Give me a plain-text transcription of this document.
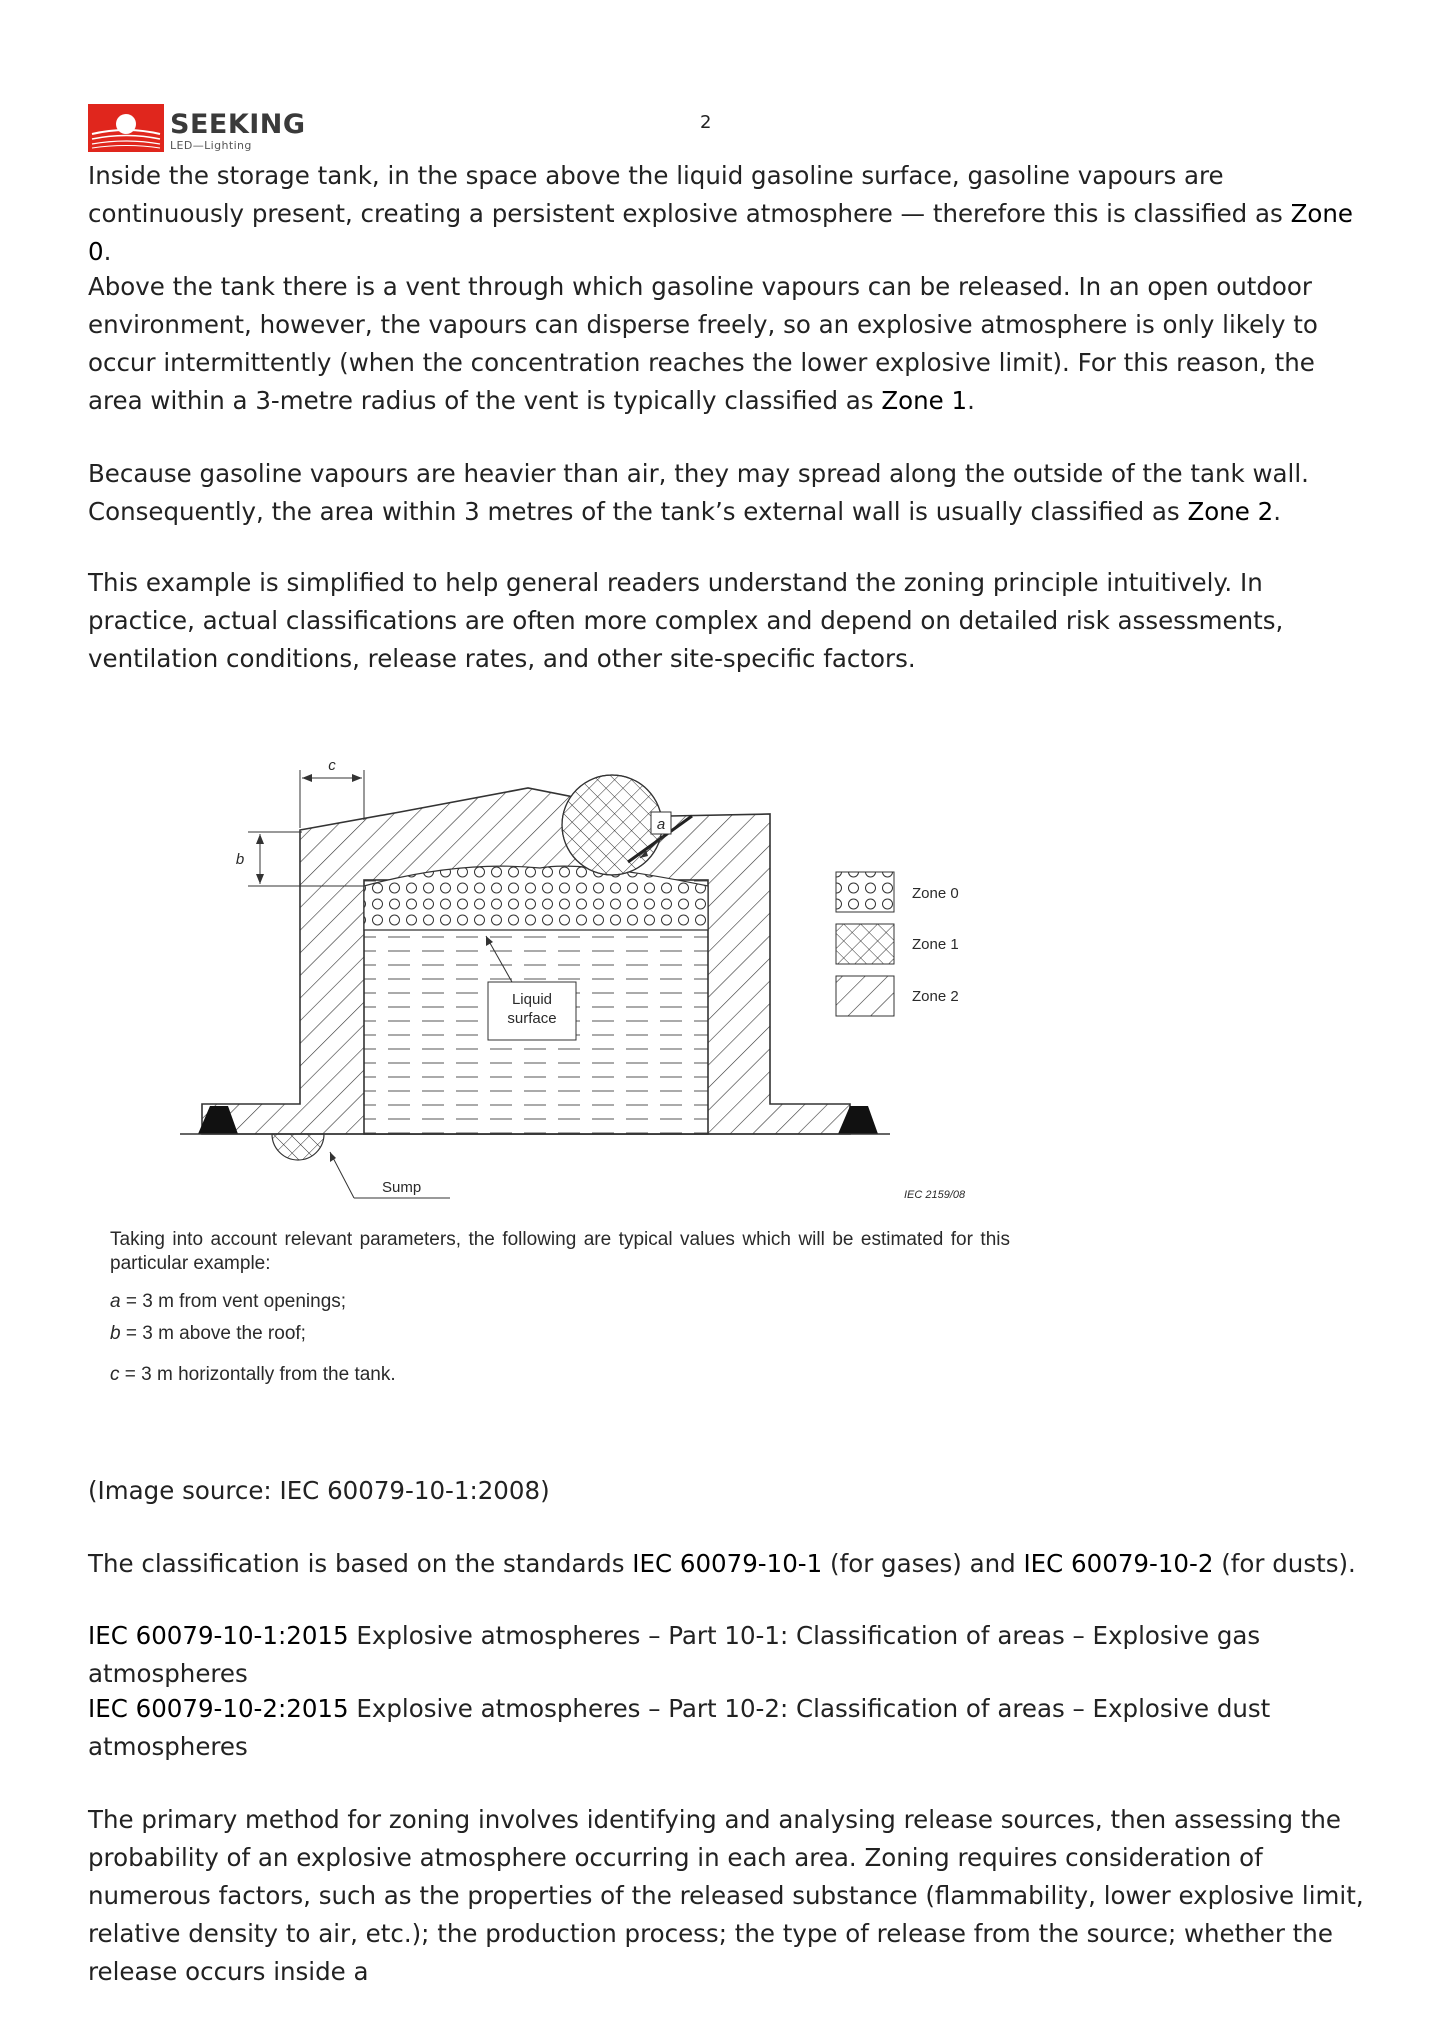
SEEKING
LED—Lighting
2

Inside the storage tank, in the space above the liquid gasoline surface, gasoline vapours are continuously present, creating a persistent explosive atmosphere — therefore this is classified as Zone 0.

Above the tank there is a vent through which gasoline vapours can be released. In an open outdoor environment, however, the vapours can disperse freely, so an explosive atmosphere is only likely to occur intermittently (when the concentration reaches the lower explosive limit). For this reason, the area within a 3-metre radius of the vent is typically classified as Zone 1.

Because gasoline vapours are heavier than air, they may spread along the outside of the tank wall. Consequently, the area within 3 metres of the tank’s external wall is usually classified as Zone 2.

This example is simplified to help general readers understand the zoning principle intuitively. In practice, actual classifications are often more complex and depend on detailed risk assessments, ventilation conditions, release rates, and other site-specific factors.

a
c
b
Liquid
surface
Sump	IEC 2159/08
Zone 0
Zone 1
Zone 2

Taking into account relevant parameters, the following are typical values which will be estimated for this particular example:

a = 3 m from vent openings;

b = 3 m above the roof;

c = 3 m horizontally from the tank.

(Image source: IEC 60079-10-1:2008)

The classification is based on the standards IEC 60079-10-1 (for gases) and IEC 60079-10-2 (for dusts).

IEC 60079-10-1:2015 Explosive atmospheres – Part 10-1: Classification of areas – Explosive gas atmospheres

IEC 60079-10-2:2015 Explosive atmospheres – Part 10-2: Classification of areas – Explosive dust atmospheres

The primary method for zoning involves identifying and analysing release sources, then assessing the probability of an explosive atmosphere occurring in each area. Zoning requires consideration of numerous factors, such as the properties of the released substance (flammability, lower explosive limit, relative density to air, etc.); the production process; the type of release from the source; whether the release occurs inside a
